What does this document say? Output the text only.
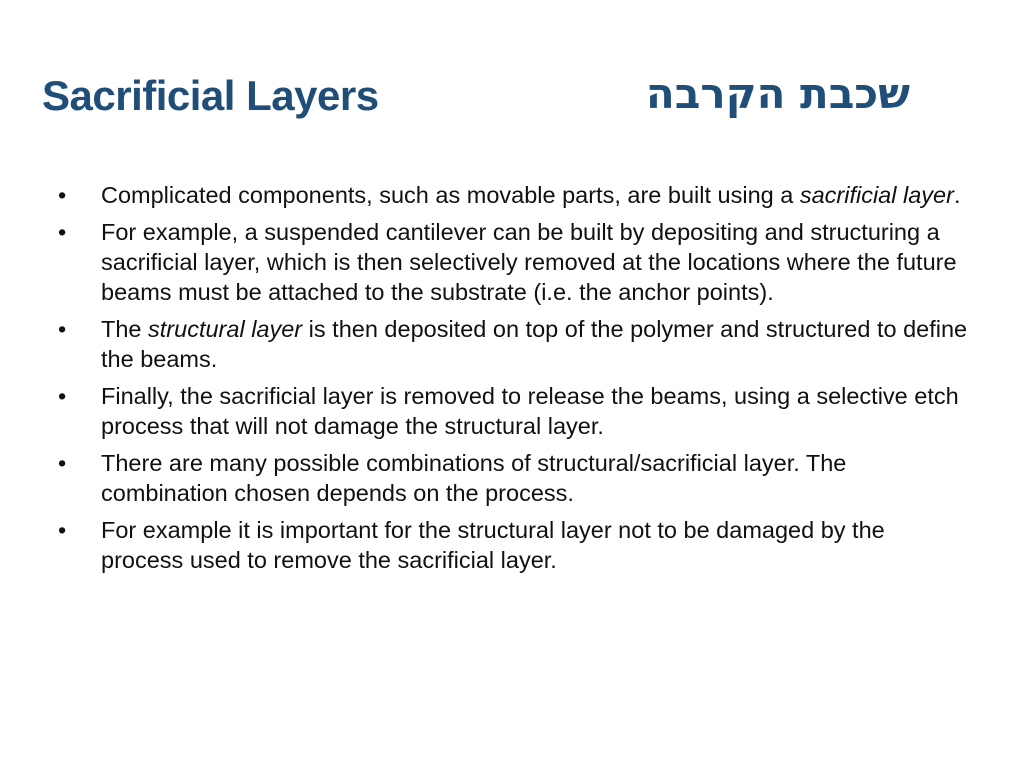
Sacrificial Layers	שכבת הקרבה
•	Complicated components, such as movable parts, are built using a sacrificial layer.
•	For example, a suspended cantilever can be built by depositing and structuring a sacrificial layer, which is then selectively removed at the locations where the future beams must be attached to the substrate (i.e. the anchor points).
•	The structural layer is then deposited on top of the polymer and structured to define the beams.
•	Finally, the sacrificial layer is removed to release the beams, using a selective etch process that will not damage the structural layer.
•	There are many possible combinations of structural/sacrificial layer. The combination chosen depends on the process.
•	For example it is important for the structural layer not to be damaged by the process used to remove the sacrificial layer.
